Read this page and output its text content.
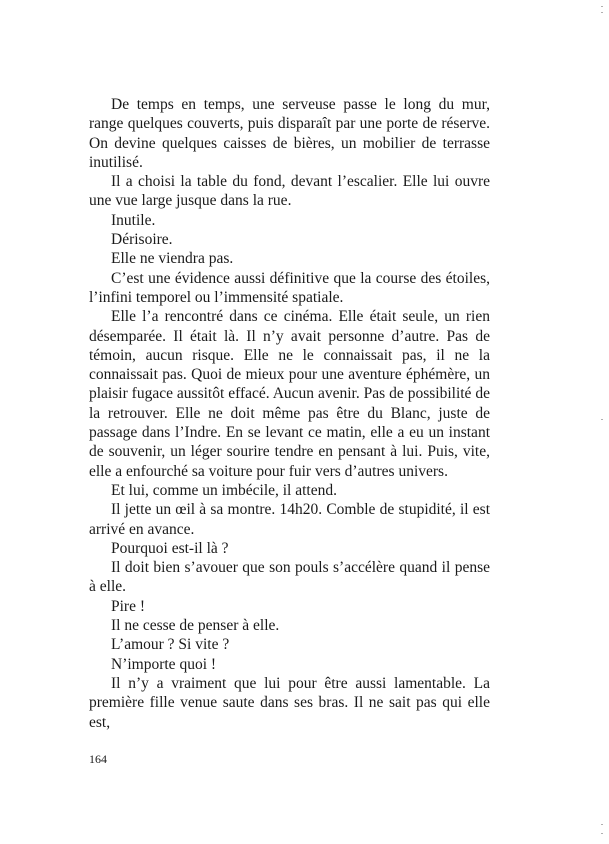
De temps en temps, une serveuse passe le long du mur, range quelques couverts, puis disparaît par une porte de réserve. On devine quelques caisses de bières, un mobilier de terrasse inutilisé.

Il a choisi la table du fond, devant l’escalier. Elle lui ouvre une vue large jusque dans la rue.

Inutile.

Dérisoire.

Elle ne viendra pas.

C’est une évidence aussi définitive que la course des étoiles, l’infini temporel ou l’immensité spatiale.

Elle l’a rencontré dans ce cinéma. Elle était seule, un rien désemparée. Il était là. Il n’y avait personne d’autre. Pas de témoin, aucun risque. Elle ne le connaissait pas, il ne la connaissait pas. Quoi de mieux pour une aventure éphémère, un plaisir fugace aussitôt effacé. Aucun avenir. Pas de possibilité de la retrouver. Elle ne doit même pas être du Blanc, juste de passage dans l’Indre. En se levant ce matin, elle a eu un instant de souvenir, un léger sourire tendre en pensant à lui. Puis, vite, elle a enfourché sa voiture pour fuir vers d’autres univers.

Et lui, comme un imbécile, il attend.

Il jette un œil à sa montre. 14h20. Comble de stupidité, il est arrivé en avance.

Pourquoi est-il là ?

Il doit bien s’avouer que son pouls s’accélère quand il pense à elle.

Pire !

Il ne cesse de penser à elle.

L’amour ? Si vite ?

N’importe quoi !

Il n’y a vraiment que lui pour être aussi lamentable. La première fille venue saute dans ses bras. Il ne sait pas qui elle est,

164
